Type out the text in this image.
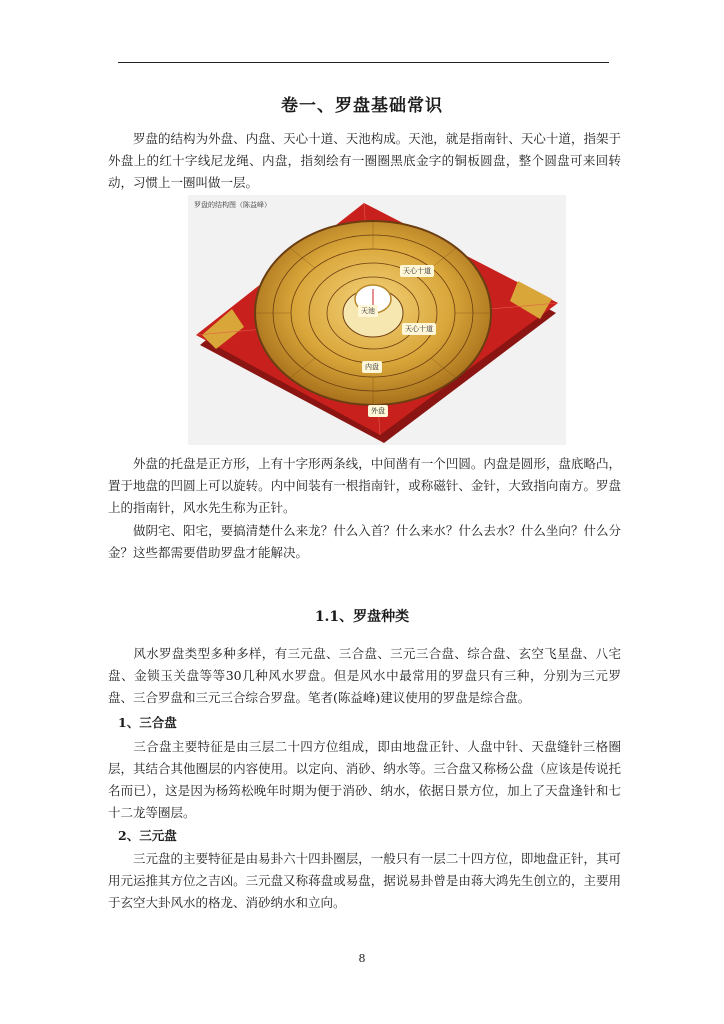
卷一、罗盘基础常识

罗盘的结构为外盘、内盘、天心十道、天池构成。天池，就是指南针、天心十道，指架于外盘上的红十字线尼龙绳、内盘，指刻绘有一圈圈黑底金字的铜板圆盘，整个圆盘可来回转动，习惯上一圈叫做一层。

罗盘的结构图（陈益峰）
天心十道
天池
天心十道
内盘
外盘

外盘的托盘是正方形，上有十字形两条线，中间凿有一个凹圆。内盘是圆形，盘底略凸，置于地盘的凹圆上可以旋转。内中间装有一根指南针，或称磁针、金针，大致指向南方。罗盘上的指南针，风水先生称为正针。

做阴宅、阳宅，要搞清楚什么来龙？什么入首？什么来水？什么去水？什么坐向？什么分金？这些都需要借助罗盘才能解决。

1.1、罗盘种类

风水罗盘类型多种多样，有三元盘、三合盘、三元三合盘、综合盘、玄空飞星盘、八宅盘、金锁玉关盘等等30几种风水罗盘。但是风水中最常用的罗盘只有三种，分别为三元罗盘、三合罗盘和三元三合综合罗盘。笔者(陈益峰)建议使用的罗盘是综合盘。

1、三合盘

三合盘主要特征是由三层二十四方位组成，即由地盘正针、人盘中针、天盘缝针三格圈层，其结合其他圈层的内容使用。以定向、消砂、纳水等。三合盘又称杨公盘（应该是传说托名而已），这是因为杨筠松晚年时期为便于消砂、纳水，依据日景方位，加上了天盘逢针和七十二龙等圈层。

2、三元盘

三元盘的主要特征是由易卦六十四卦圈层，一般只有一层二十四方位，即地盘正针，其可用元运推其方位之吉凶。三元盘又称蒋盘或易盘，据说易卦曾是由蒋大鸿先生创立的，主要用于玄空大卦风水的格龙、消砂纳水和立向。

8
